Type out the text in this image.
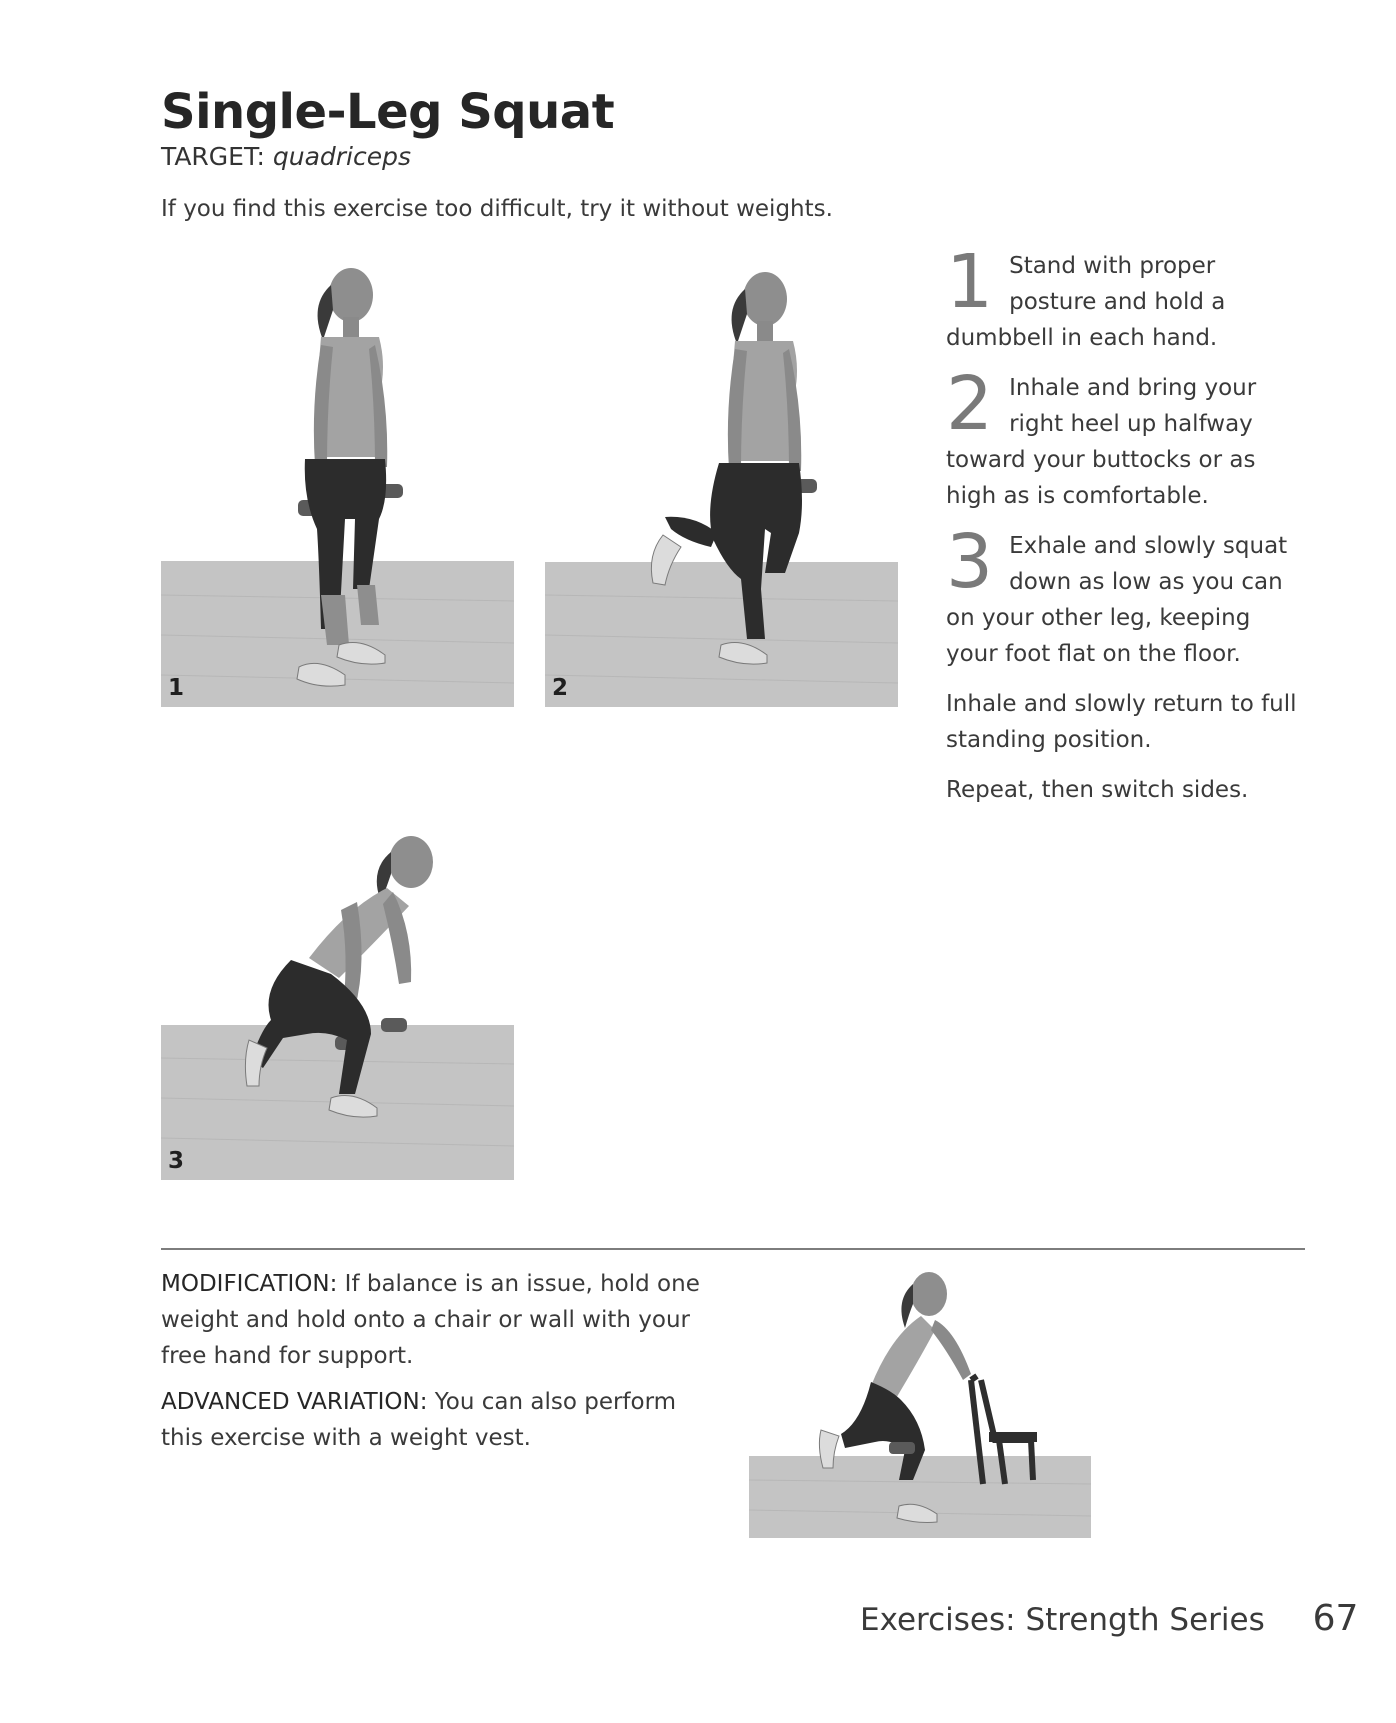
Single-Leg Squat
TARGET: quadriceps
If you find this exercise too difficult, try it without weights.
1	2
3
1 Stand with proper posture and hold a dumbbell in each hand.

2 Inhale and bring your right heel up halfway toward your buttocks or as high as is comfortable.

3 Exhale and slowly squat down as low as you can on your other leg, keeping your foot flat on the floor.

Inhale and slowly return to full standing position.

Repeat, then switch sides.

MODIFICATION: If balance is an issue, hold one weight and hold onto a chair or wall with your free hand for support.

ADVANCED VARIATION: You can also perform this exercise with a weight vest.

Exercises: Strength Series 67
